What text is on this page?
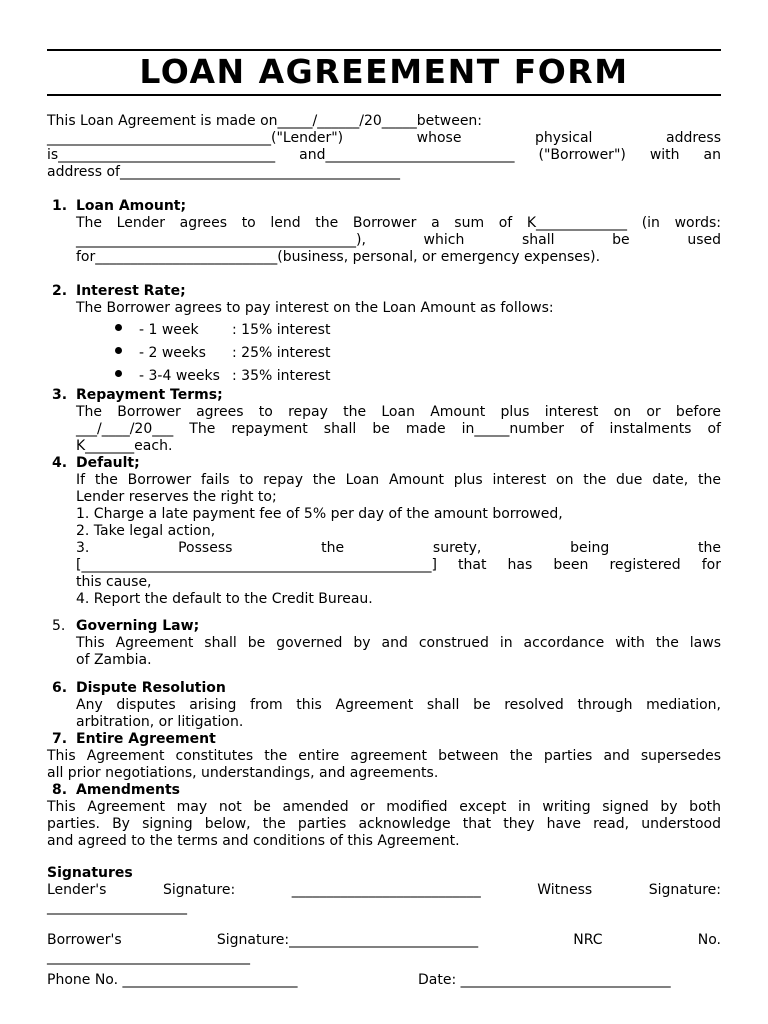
LOAN AGREEMENT FORM
This Loan Agreement is made on_____/______/20_____between:
________________________________("Lender") whose physical address
is_______________________________ and___________________________ ("Borrower") with an
address of________________________________________
1. Loan Amount;
The Lender agrees to lend the Borrower a sum of K_____________ (in words:
________________________________________), which shall be used
for__________________________(business, personal, or emergency expenses).
2. Interest Rate;
The Borrower agrees to pay interest on the Loan Amount as follows:
- 1 week : 15% interest
- 2 weeks : 25% interest
- 3-4 weeks : 35% interest
3. Repayment Terms;
The Borrower agrees to repay the Loan Amount plus interest on or before
___/____/20___ The repayment shall be made in_____number of instalments of
K_______each.
4. Default;
If the Borrower fails to repay the Loan Amount plus interest on the due date, the
Lender reserves the right to;
1. Charge a late payment fee of 5% per day of the amount borrowed,
2. Take legal action,
3. Possess the surety, being the
[__________________________________________________] that has been registered for
this cause,
4. Report the default to the Credit Bureau.
5. Governing Law;
This Agreement shall be governed by and construed in accordance with the laws
of Zambia.
6. Dispute Resolution
Any disputes arising from this Agreement shall be resolved through mediation,
arbitration, or litigation.
7. Entire Agreement
This Agreement constitutes the entire agreement between the parties and supersedes
all prior negotiations, understandings, and agreements.
8. Amendments
This Agreement may not be amended or modified except in writing signed by both
parties. By signing below, the parties acknowledge that they have read, understood
and agreed to the terms and conditions of this Agreement.
Signatures
Lender's Signature: ___________________________ Witness Signature:
____________________
Borrower's Signature:___________________________ NRC No.
_____________________________
Phone No. _________________________	Date: ______________________________
